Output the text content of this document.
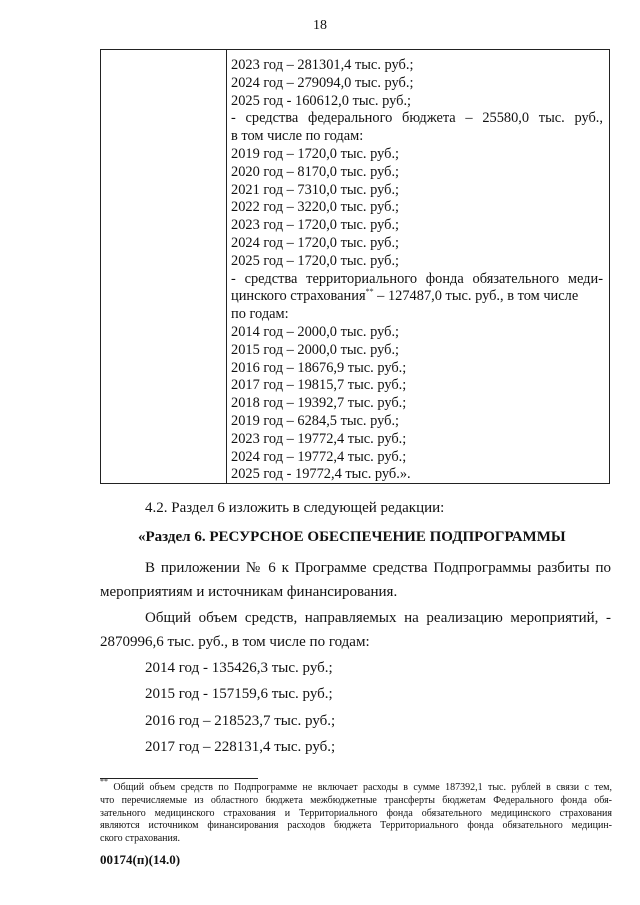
18
2023 год – 281301,4 тыс. руб.;
2024 год – 279094,0 тыс. руб.;
2025 год - 160612,0 тыс. руб.;
- средства федерального бюджета – 25580,0 тыс. руб.,
в том числе по годам:
2019 год – 1720,0 тыс. руб.;
2020 год – 8170,0 тыс. руб.;
2021 год – 7310,0 тыс. руб.;
2022 год – 3220,0 тыс. руб.;
2023 год – 1720,0 тыс. руб.;
2024 год – 1720,0 тыс. руб.;
2025 год – 1720,0 тыс. руб.;
- средства территориального фонда обязательного меди-
цинского страхования** – 127487,0 тыс. руб., в том числе
по годам:
2014 год – 2000,0 тыс. руб.;
2015 год – 2000,0 тыс. руб.;
2016 год – 18676,9 тыс. руб.;
2017 год – 19815,7 тыс. руб.;
2018 год – 19392,7 тыс. руб.;
2019 год – 6284,5 тыс. руб.;
2023 год – 19772,4 тыс. руб.;
2024 год – 19772,4 тыс. руб.;
2025 год - 19772,4 тыс. руб.».
4.2. Раздел 6 изложить в следующей редакции:
«Раздел 6. РЕСУРСНОЕ ОБЕСПЕЧЕНИЕ ПОДПРОГРАММЫ
В приложении № 6 к Программе средства Подпрограммы разбиты по
мероприятиям и источникам финансирования.
Общий объем средств, направляемых на реализацию мероприятий, -
2870996,6 тыс. руб., в том числе по годам:
2014 год - 135426,3 тыс. руб.;
2015 год - 157159,6 тыс. руб.;
2016 год – 218523,7 тыс. руб.;
2017 год – 228131,4 тыс. руб.;
** Общий объем средств по Подпрограмме не включает расходы в сумме 187392,1 тыс. рублей в связи с тем,
что перечисляемые из областного бюджета межбюджетные трансферты бюджетам Федерального фонда обя-
зательного медицинского страхования и Территориального фонда обязательного медицинского страхования
являются источником финансирования расходов бюджета Территориального фонда обязательного медицин-
ского страхования.
00174(п)(14.0)
